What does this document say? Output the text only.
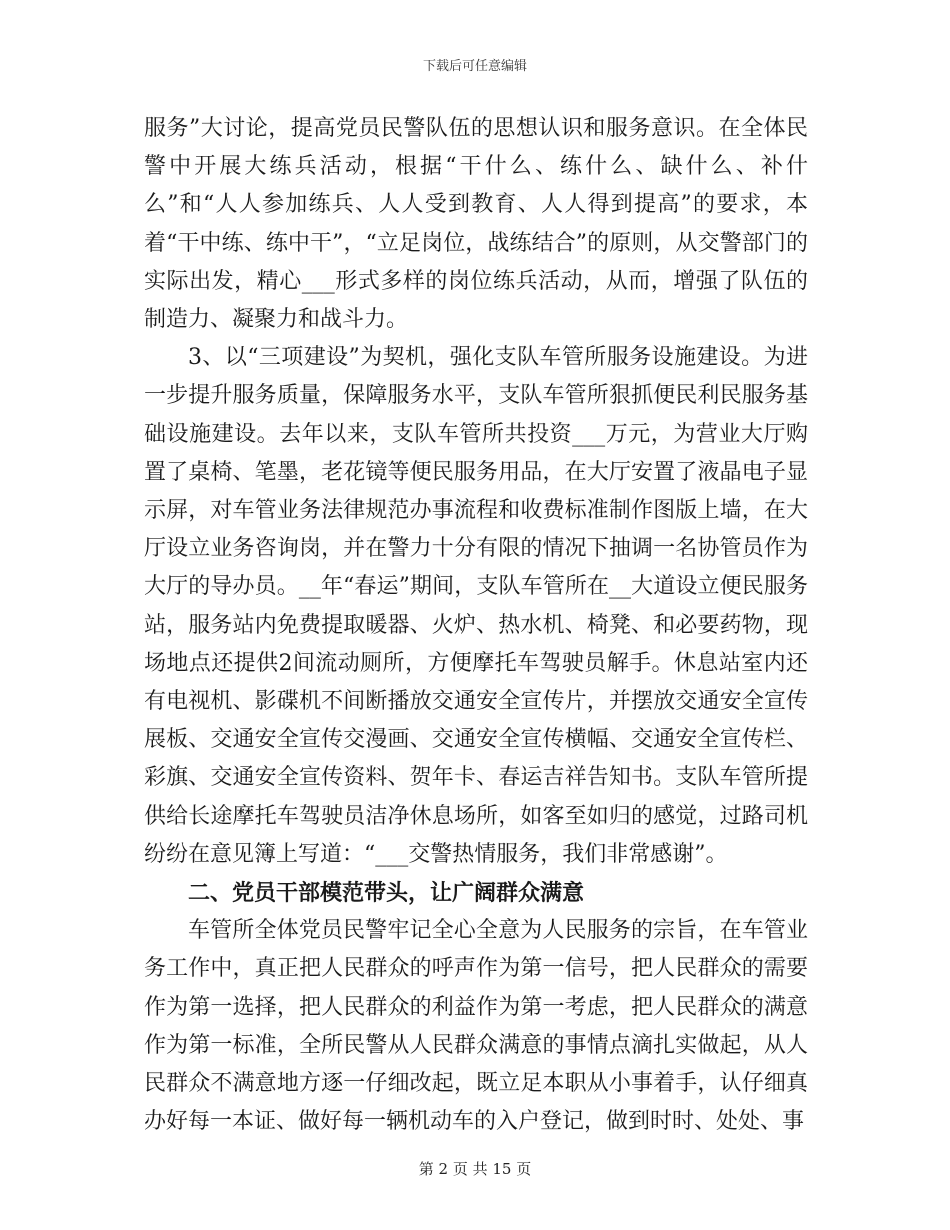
下载后可任意编辑

服务”大讨论，提高党员民警队伍的思想认识和服务意识。在全体民警中开展大练兵活动，根据“干什么、练什么、缺什么、补什么”和“人人参加练兵、人人受到教育、人人得到提高”的要求，本着“干中练、练中干”，“立足岗位，战练结合”的原则，从交警部门的实际出发，精心___形式多样的岗位练兵活动，从而，增强了队伍的制造力、凝聚力和战斗力。

3、以“三项建设”为契机，强化支队车管所服务设施建设。为进一步提升服务质量，保障服务水平，支队车管所狠抓便民利民服务基础设施建设。去年以来，支队车管所共投资___万元，为营业大厅购置了桌椅、笔墨，老花镜等便民服务用品，在大厅安置了液晶电子显示屏，对车管业务法律规范办事流程和收费标准制作图版上墙，在大厅设立业务咨询岗，并在警力十分有限的情况下抽调一名协管员作为大厅的导办员。__年“春运”期间，支队车管所在__大道设立便民服务站，服务站内免费提取暖器、火炉、热水机、椅凳、和必要药物，现场地点还提供2间流动厕所，方便摩托车驾驶员解手。休息站室内还有电视机、影碟机不间断播放交通安全宣传片，并摆放交通安全宣传展板、交通安全宣传交漫画、交通安全宣传横幅、交通安全宣传栏、彩旗、交通安全宣传资料、贺年卡、春运吉祥告知书。支队车管所提供给长途摩托车驾驶员洁净休息场所，如客至如归的感觉，过路司机纷纷在意见簿上写道：“___交警热情服务，我们非常感谢”。

二、党员干部模范带头，让广阔群众满意

车管所全体党员民警牢记全心全意为人民服务的宗旨，在车管业务工作中，真正把人民群众的呼声作为第一信号，把人民群众的需要作为第一选择，把人民群众的利益作为第一考虑，把人民群众的满意作为第一标准，全所民警从人民群众满意的事情点滴扎实做起，从人民群众不满意地方逐一仔细改起，既立足本职从小事着手，认仔细真办好每一本证、做好每一辆机动车的入户登记，做到时时、处处、事

第 2 页 共 15 页
